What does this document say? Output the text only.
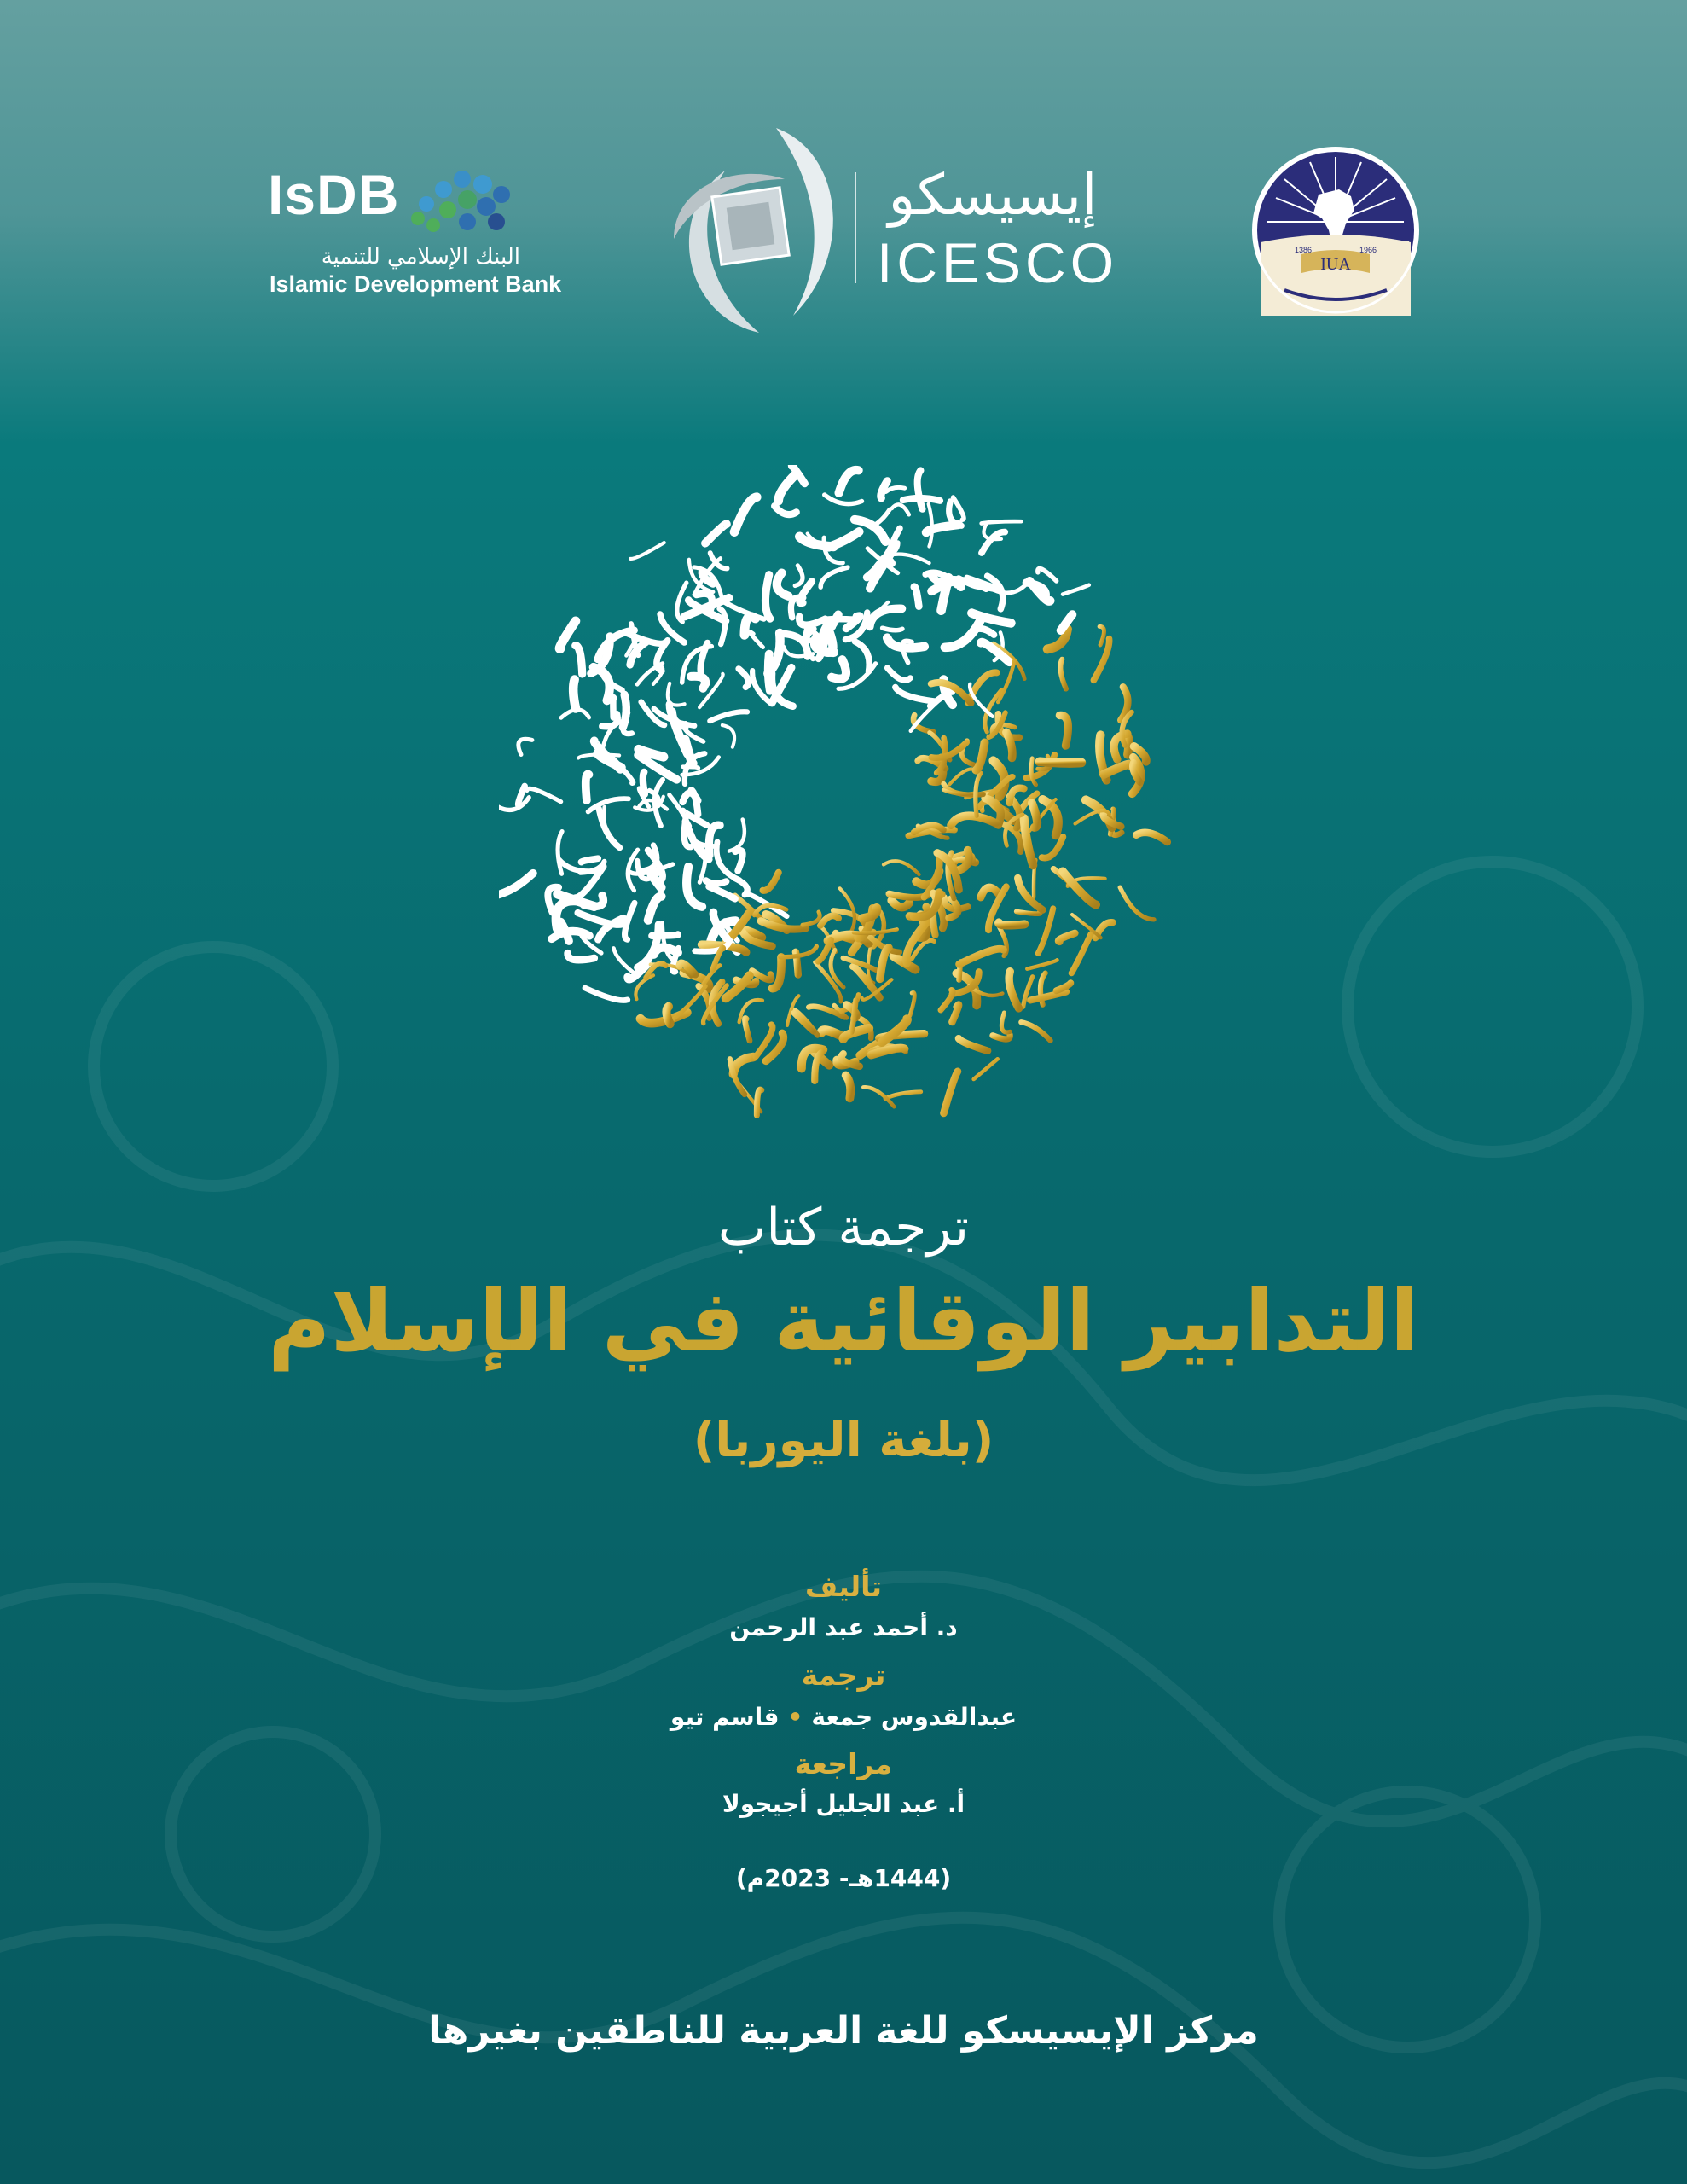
IsDB
البنك الإسلامي للتنمية
Islamic Development Bank
إيسيسكو
ICESCO	IUA
1386	1966
ترجمة كتاب
التدابير الوقائية في الإسلام
(بلغة اليوربا)
تأليف
د. أحمد عبد الرحمن
ترجمة
عبدالقدوس جمعة•قاسم تيو
مراجعة
أ. عبد الجليل أجيجولا
(1444هـ- 2023م)
مركز الإيسيسكو للغة العربية للناطقين بغيرها
